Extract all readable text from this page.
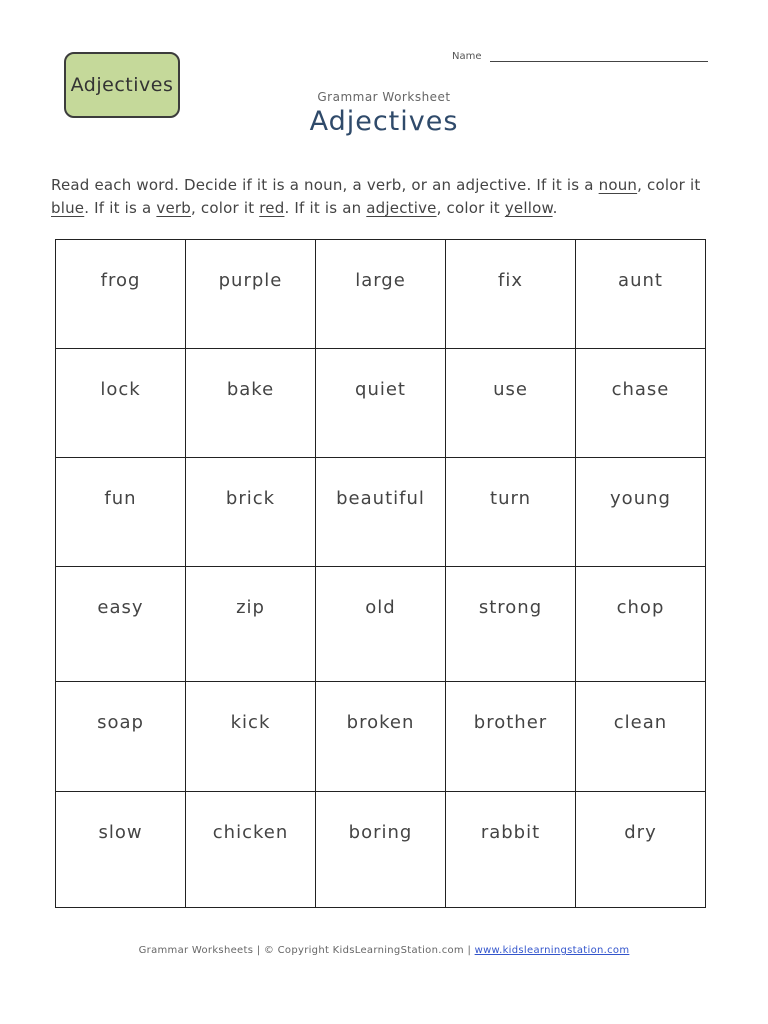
Adjectives
Name
Grammar Worksheet
Adjectives
Read each word. Decide if it is a noun, a verb, or an adjective. If it is a noun, color it blue. If it is a verb, color it red. If it is an adjective, color it yellow.
frog	purple	large	fix	aunt
lock	bake	quiet	use	chase
fun	brick	beautiful	turn	young
easy	zip	old	strong	chop
soap	kick	broken	brother	clean
slow	chicken	boring	rabbit	dry
Grammar Worksheets | © Copyright KidsLearningStation.com | www.kidslearningstation.com
